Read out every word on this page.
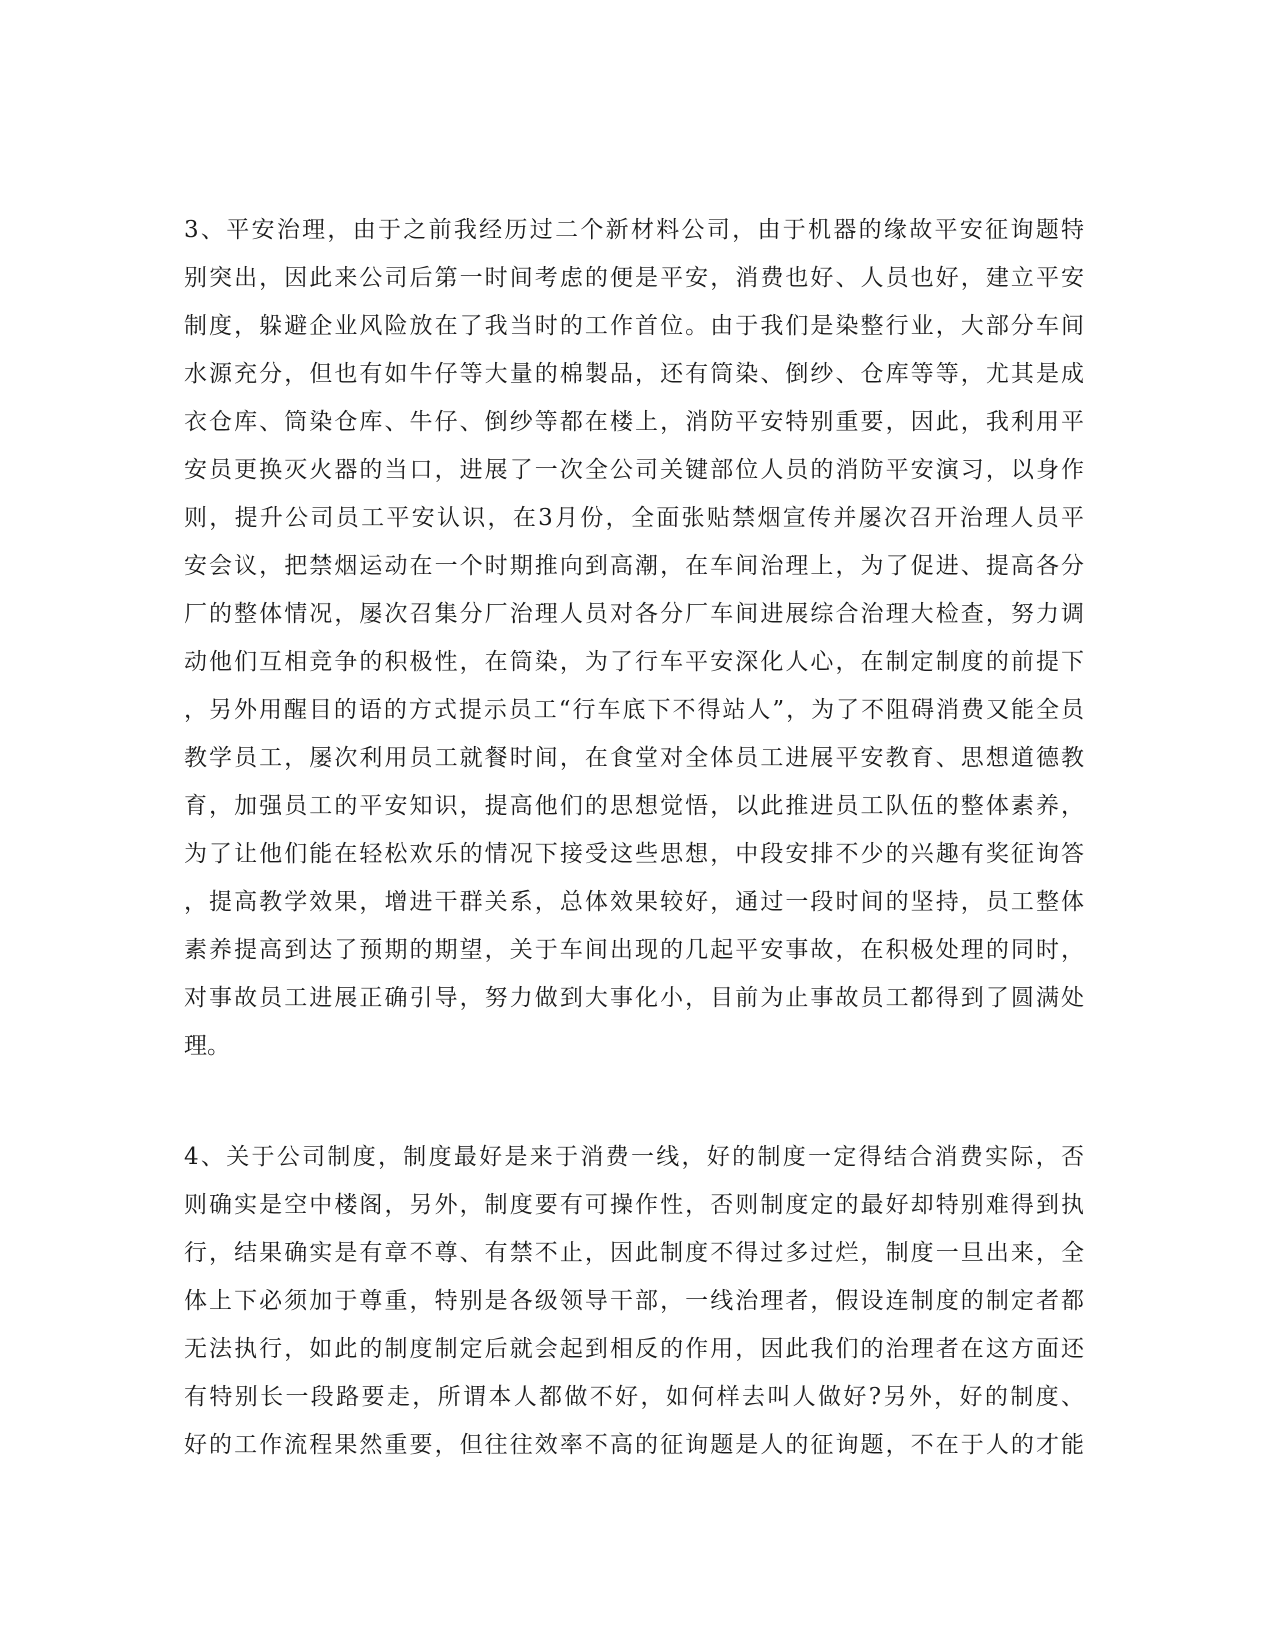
3、平安治理，由于之前我经历过二个新材料公司，由于机器的缘故平安征询题特
别突出，因此来公司后第一时间考虑的便是平安，消费也好、人员也好，建立平安
制度，躲避企业风险放在了我当时的工作首位。由于我们是染整行业，大部分车间
水源充分，但也有如牛仔等大量的棉製品，还有筒染、倒纱、仓库等等，尤其是成
衣仓库、筒染仓库、牛仔、倒纱等都在楼上，消防平安特别重要，因此，我利用平
安员更换灭火器的当口，进展了一次全公司关键部位人员的消防平安演习，以身作
则，提升公司员工平安认识，在3月份，全面张贴禁烟宣传并屡次召开治理人员平
安会议，把禁烟运动在一个时期推向到高潮，在车间治理上，为了促进、提高各分
厂的整体情况，屡次召集分厂治理人员对各分厂车间进展综合治理大检查，努力调
动他们互相竞争的积极性，在筒染，为了行车平安深化人心，在制定制度的前提下
，另外用醒目的语的方式提示员工“行车底下不得站人”，为了不阻碍消费又能全员
教学员工，屡次利用员工就餐时间，在食堂对全体员工进展平安教育、思想道德教
育，加强员工的平安知识，提高他们的思想觉悟，以此推进员工队伍的整体素养，
为了让他们能在轻松欢乐的情况下接受这些思想，中段安排不少的兴趣有奖征询答
，提高教学效果，增进干群关系，总体效果较好，通过一段时间的坚持，员工整体
素养提高到达了预期的期望，关于车间出现的几起平安事故，在积极处理的同时，
对事故员工进展正确引导，努力做到大事化小，目前为止事故员工都得到了圆满处
理。
4、关于公司制度，制度最好是来于消费一线，好的制度一定得结合消费实际，否
则确实是空中楼阁，另外，制度要有可操作性，否则制度定的最好却特别难得到执
行，结果确实是有章不尊、有禁不止，因此制度不得过多过烂，制度一旦出来，全
体上下必须加于尊重，特别是各级领导干部，一线治理者，假设连制度的制定者都
无法执行，如此的制度制定后就会起到相反的作用，因此我们的治理者在这方面还
有特别长一段路要走，所谓本人都做不好，如何样去叫人做好?另外，好的制度、
好的工作流程果然重要，但往往效率不高的征询题是人的征询题，不在于人的才能
